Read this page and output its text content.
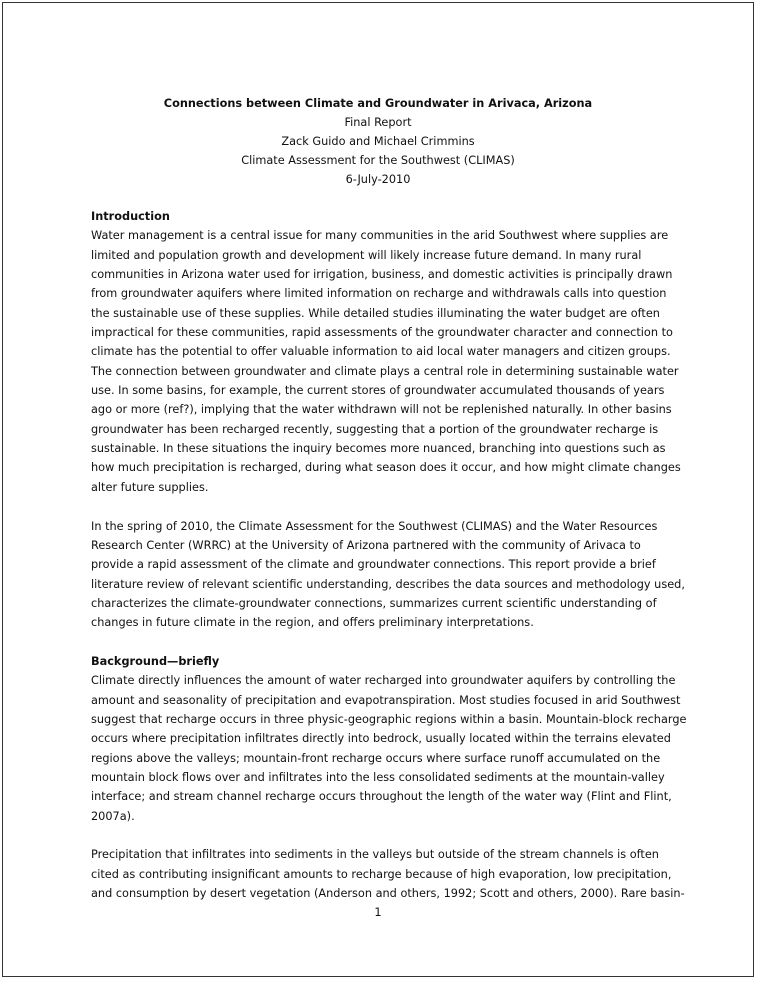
Connections between Climate and Groundwater in Arivaca, Arizona
Final Report
Zack Guido and Michael Crimmins
Climate Assessment for the Southwest (CLIMAS)
6-July-2010
Introduction
Water management is a central issue for many communities in the arid Southwest where supplies are
limited and population growth and development will likely increase future demand. In many rural
communities in Arizona water used for irrigation, business, and domestic activities is principally drawn
from groundwater aquifers where limited information on recharge and withdrawals calls into question
the sustainable use of these supplies. While detailed studies illuminating the water budget are often
impractical for these communities, rapid assessments of the groundwater character and connection to
climate has the potential to offer valuable information to aid local water managers and citizen groups.
The connection between groundwater and climate plays a central role in determining sustainable water
use. In some basins, for example, the current stores of groundwater accumulated thousands of years
ago or more (ref?), implying that the water withdrawn will not be replenished naturally. In other basins
groundwater has been recharged recently, suggesting that a portion of the groundwater recharge is
sustainable. In these situations the inquiry becomes more nuanced, branching into questions such as
how much precipitation is recharged, during what season does it occur, and how might climate changes
alter future supplies.
In the spring of 2010, the Climate Assessment for the Southwest (CLIMAS) and the Water Resources
Research Center (WRRC) at the University of Arizona partnered with the community of Arivaca to
provide a rapid assessment of the climate and groundwater connections. This report provide a brief
literature review of relevant scientific understanding, describes the data sources and methodology used,
characterizes the climate-groundwater connections, summarizes current scientific understanding of
changes in future climate in the region, and offers preliminary interpretations.
Background—briefly
Climate directly influences the amount of water recharged into groundwater aquifers by controlling the
amount and seasonality of precipitation and evapotranspiration. Most studies focused in arid Southwest
suggest that recharge occurs in three physic-geographic regions within a basin. Mountain-block recharge
occurs where precipitation infiltrates directly into bedrock, usually located within the terrains elevated
regions above the valleys; mountain-front recharge occurs where surface runoff accumulated on the
mountain block flows over and infiltrates into the less consolidated sediments at the mountain-valley
interface; and stream channel recharge occurs throughout the length of the water way (Flint and Flint,
2007a).
Precipitation that infiltrates into sediments in the valleys but outside of the stream channels is often
cited as contributing insignificant amounts to recharge because of high evaporation, low precipitation,
and consumption by desert vegetation (Anderson and others, 1992; Scott and others, 2000). Rare basin-
1
